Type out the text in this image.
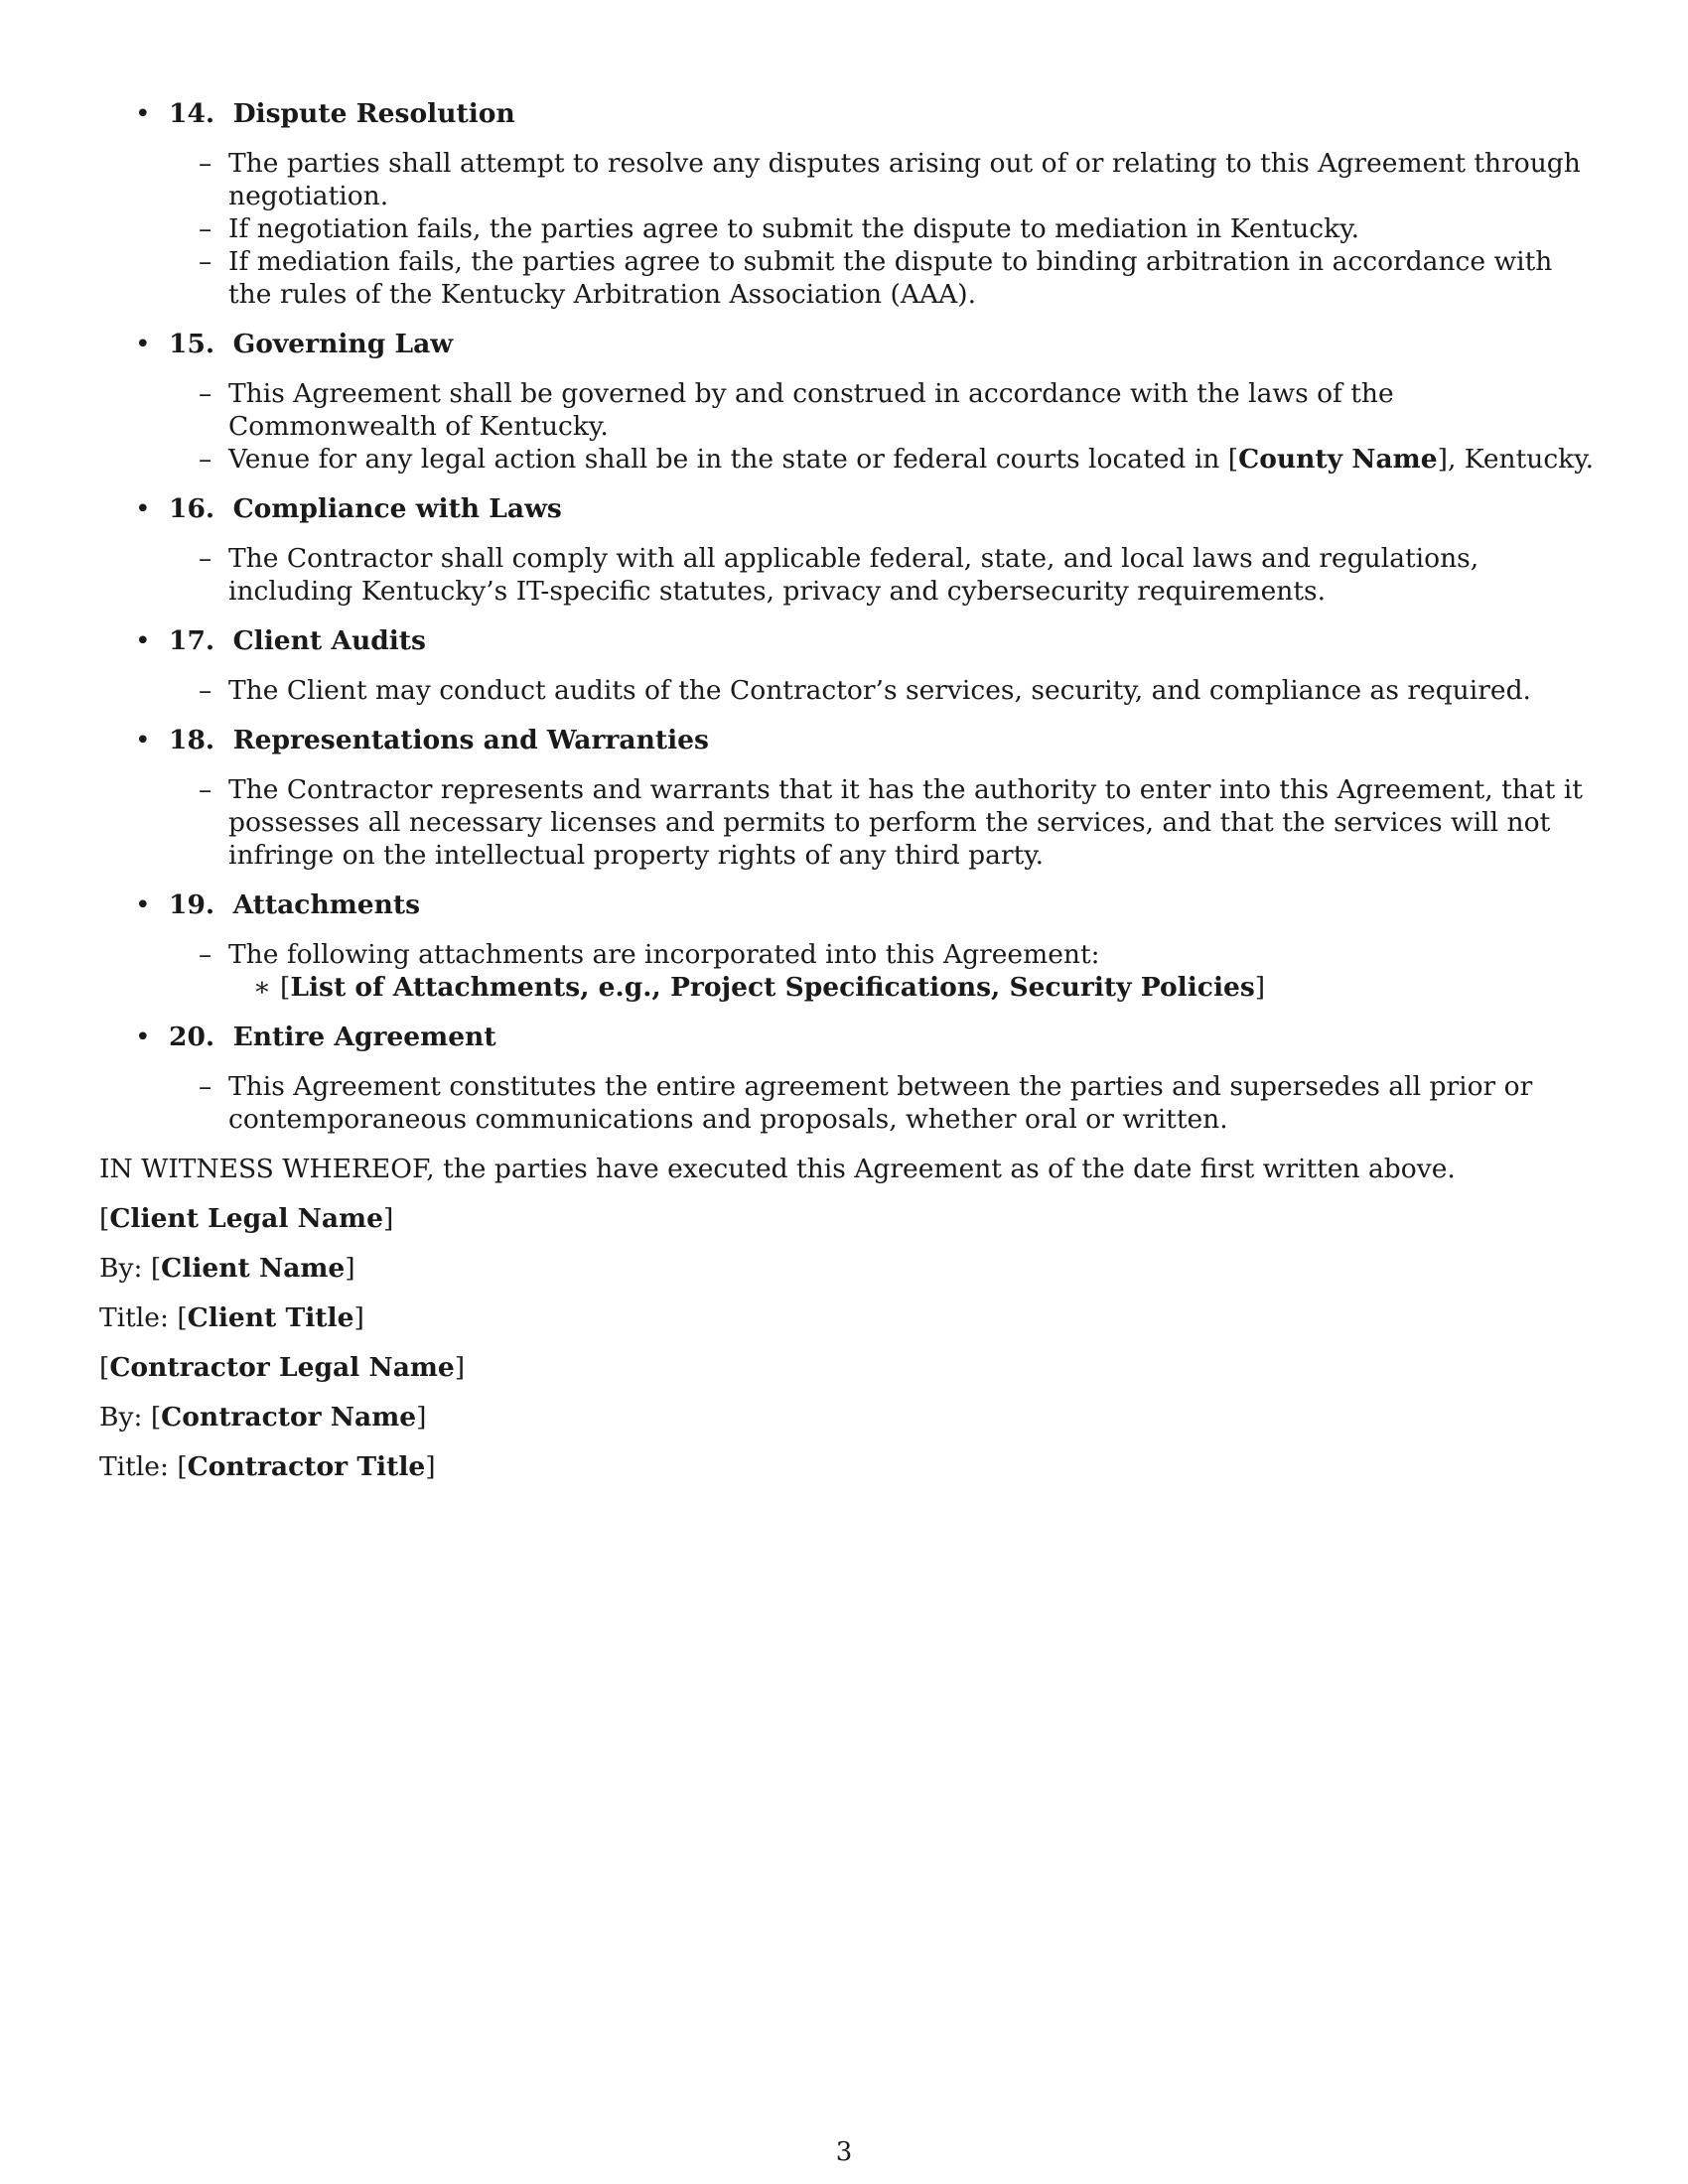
• 14. Dispute Resolution
– The parties shall attempt to resolve any disputes arising out of or relating to this Agreement through negotiation.
– If negotiation fails, the parties agree to submit the dispute to mediation in Kentucky.
– If mediation fails, the parties agree to submit the dispute to binding arbitration in accordance with the rules of the Kentucky Arbitration Association (AAA).
• 15. Governing Law
– This Agreement shall be governed by and construed in accordance with the laws of the Commonwealth of Kentucky.
– Venue for any legal action shall be in the state or federal courts located in [County Name], Kentucky.
• 16. Compliance with Laws
– The Contractor shall comply with all applicable federal, state, and local laws and regulations, including Kentucky’s IT-specific statutes, privacy and cybersecurity requirements.
• 17. Client Audits
– The Client may conduct audits of the Contractor’s services, security, and compliance as required.
• 18. Representations and Warranties
– The Contractor represents and warrants that it has the authority to enter into this Agreement, that it possesses all necessary licenses and permits to perform the services, and that the services will not infringe on the intellectual property rights of any third party.
• 19. Attachments
– The following attachments are incorporated into this Agreement:
∗ [List of Attachments, e.g., Project Specifications, Security Policies]
• 20. Entire Agreement
– This Agreement constitutes the entire agreement between the parties and supersedes all prior or contemporaneous communications and proposals, whether oral or written.

IN WITNESS WHEREOF, the parties have executed this Agreement as of the date first written above.

[Client Legal Name]

By: [Client Name]

Title: [Client Title]

[Contractor Legal Name]

By: [Contractor Name]

Title: [Contractor Title]

3
